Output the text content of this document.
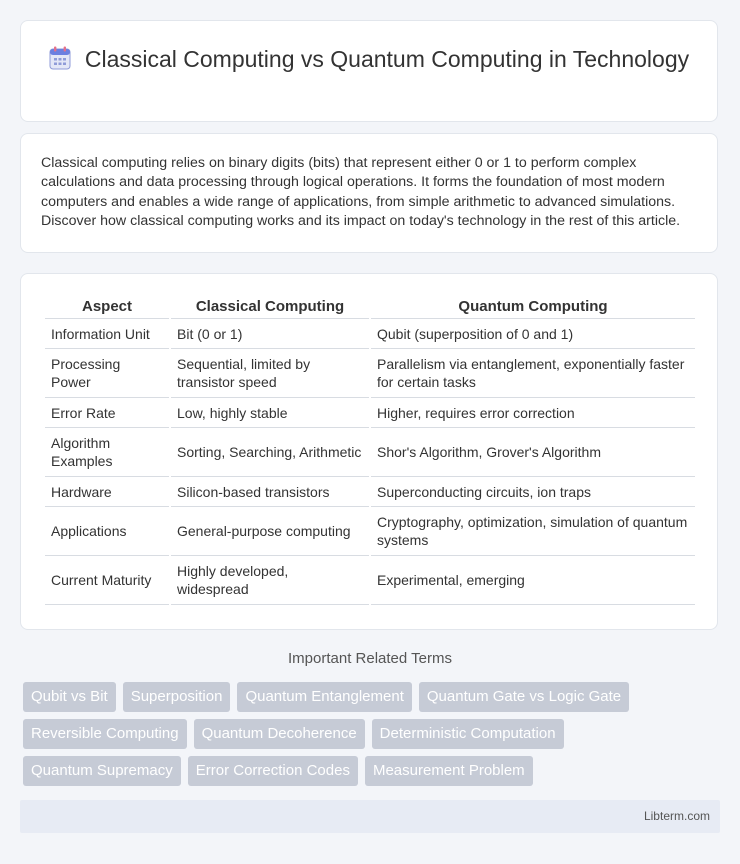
Classical Computing vs Quantum Computing in Technology
Classical computing relies on binary digits (bits) that represent either 0 or 1 to perform complex calculations and data processing through logical operations. It forms the foundation of most modern computers and enables a wide range of applications, from simple arithmetic to advanced simulations. Discover how classical computing works and its impact on today's technology in the rest of this article.
Aspect	Classical Computing	Quantum Computing
Information Unit	Bit (0 or 1)	Qubit (superposition of 0 and 1)
Processing Power	Sequential, limited by transistor speed	Parallelism via entanglement, exponentially faster for certain tasks
Error Rate	Low, highly stable	Higher, requires error correction
Algorithm Examples	Sorting, Searching, Arithmetic	Shor's Algorithm, Grover's Algorithm
Hardware	Silicon-based transistors	Superconducting circuits, ion traps
Applications	General-purpose computing	Cryptography, optimization, simulation of quantum systems
Current Maturity	Highly developed, widespread	Experimental, emerging
Important Related Terms
Qubit vs Bit	Superposition	Quantum Entanglement	Quantum Gate vs Logic Gate
Reversible Computing	Quantum Decoherence	Deterministic Computation
Quantum Supremacy	Error Correction Codes	Measurement Problem
Libterm.com
